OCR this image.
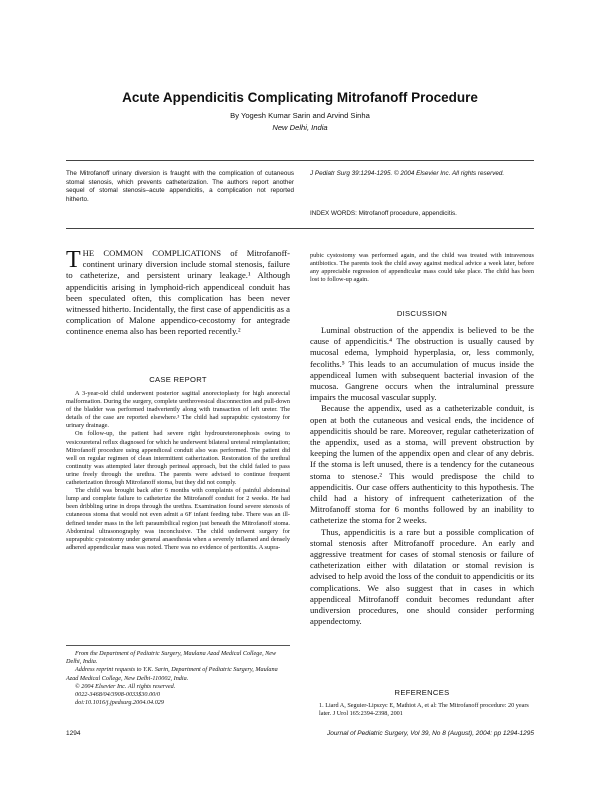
Acute Appendicitis Complicating Mitrofanoff Procedure
By Yogesh Kumar Sarin and Arvind Sinha
New Delhi, India
The Mitrofanoff urinary diversion is fraught with the complication of cutaneous stomal stenosis, which prevents catheterization. The authors report another sequel of stomal stenosis–acute appendicitis, a complication not reported hitherto.
J Pediatr Surg 39:1294-1295. © 2004 Elsevier Inc. All rights reserved.
INDEX WORDS: Mitrofanoff procedure, appendicitis.
THE COMMON COMPLICATIONS of Mitrofanoff-continent urinary diversion include stomal stenosis, failure to catheterize, and persistent urinary leakage.¹ Although appendicitis arising in lymphoid-rich appendiceal conduit has been speculated often, this complication has been never witnessed hitherto. Incidentally, the first case of appendicitis as a complication of Malone appendico-cecostomy for antegrade continence enema also has been reported recently.²
CASE REPORT

A 3-year-old child underwent posterior sagittal anorectoplasty for high anorectal malformation. During the surgery, complete urethrovesical disconnection and pull-down of the bladder was performed inadvertently along with transaction of left ureter. The details of the case are reported elsewhere.³ The child had suprapubic cystostomy for urinary drainage.

On follow-up, the patient had severe right hydroureteronephosis owing to vesicoureteral reflux diagnosed for which he underwent bilateral ureteral reimplantation; Mitrofanoff procedure using appendiceal conduit also was performed. The patient did well on regular regimen of clean intermittent catherization. Restoration of the urethral continuity was attempted later through perineal approach, but the child failed to pass urine freely through the urethra. The parents were advised to continue frequent catheterization through Mitrofanoff stoma, but they did not comply.

The child was brought back after 6 months with complaints of painful abdominal lump and complete failure to catheterize the Mitrofanoff conduit for 2 weeks. He had been dribbling urine in drops through the urethra. Examination found severe stenosis of cutaneous stoma that would not even admit a 6F infant feeding tube. There was an ill-defined tender mass in the left paraumbilical region just beneath the Mitrofanoff stoma. Abdominal ultrasonography was inconclusive. The child underwent surgery for suprapubic cystostomy under general anaesthesia when a severely inflamed and densely adhered appendicular mass was noted. There was no evidence of peritonitis. A supra-

pubic cystostomy was performed again, and the child was treated with intravenous antibiotics. The parents took the child away against medical advice a week later, before any appreciable regression of appendicular mass could take place. The child has been lost to follow-up again.

DISCUSSION

Luminal obstruction of the appendix is believed to be the cause of appendicitis.⁴ The obstruction is usually caused by mucosal edema, lymphoid hyperplasia, or, less commonly, fecoliths.⁵ This leads to an accumulation of mucus inside the appendiceal lumen with subsequent bacterial invasion of the mucosa. Gangrene occurs when the intraluminal pressure impairs the mucosal vascular supply.

Because the appendix, used as a catheterizable conduit, is open at both the cutaneous and vesical ends, the incidence of appendicitis should be rare. Moreover, regular catheterization of the appendix, used as a stoma, will prevent obstruction by keeping the lumen of the appendix open and clear of any debris. If the stoma is left unused, there is a tendency for the cutaneous stoma to stenose.² This would predispose the child to appendicitis. Our case offers authenticity to this hypothesis. The child had a history of infrequent catheterization of the Mitrofanoff stoma for 6 months followed by an inability to catheterize the stoma for 2 weeks.

Thus, appendicitis is a rare but a possible complication of stomal stenosis after Mitrofanoff procedure. An early and aggressive treatment for cases of stomal stenosis or failure of catheterization either with dilatation or stomal revision is advised to help avoid the loss of the conduit to appendicitis or its complications. We also suggest that in cases in which appendiceal Mitrofanoff conduit becomes redundant after undiversion procedures, one should consider performing appendectomy.

From the Department of Pediatric Surgery, Maulana Azad Medical College, New Delhi, India.
Address reprint requests to Y.K. Sarin, Department of Pediatric Surgery, Maulana Azad Medical College, New Delhi-110002, India.
© 2004 Elsevier Inc. All rights reserved.
0022-3468/04/3908-0033$30.00/0
doi:10.1016/j.jpedsurg.2004.04.029
REFERENCES
1. Liard A, Seguier-Lipszyc E, Mathiot A, et al: The Mitrofanoff procedure: 20 years later. J Urol 165:2394-2398, 2001
1294	Journal of Pediatric Surgery, Vol 39, No 8 (August), 2004: pp 1294-1295
